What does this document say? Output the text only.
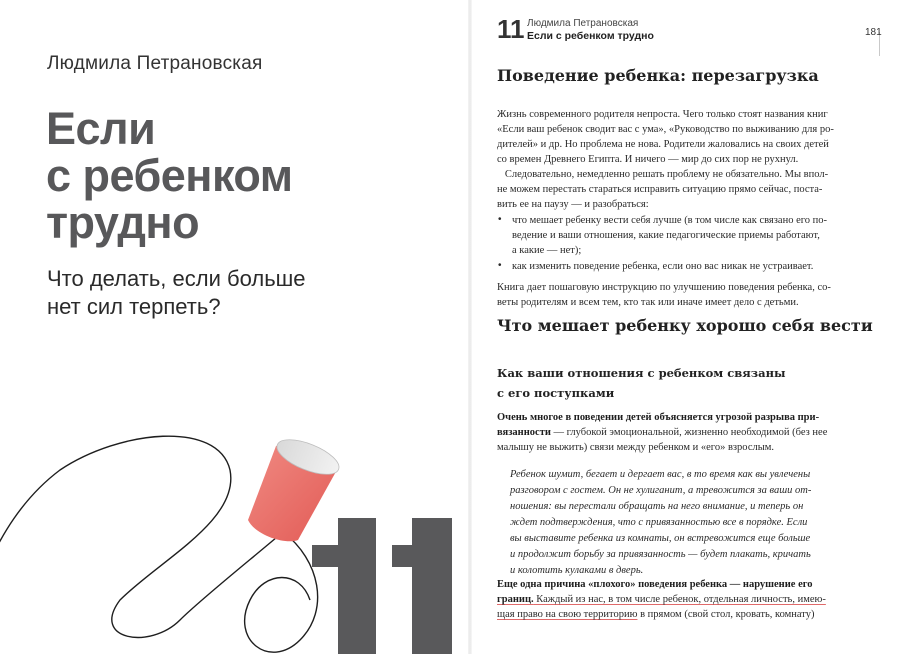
Людмила Петрановская
Если
с ребенком
трудно
Что делать, если больше
нет сил терпеть?
11 Людмила Петрановская
Если с ребенком трудно	181
Поведение ребенка: перезагрузка
Жизнь современного родителя непроста. Чего только стоят названия книг
«Если ваш ребенок сводит вас с ума», «Руководство по выживанию для ро-
дителей» и др. Но проблема не нова. Родители жаловались на своих детей
со времен Древнего Египта. И ничего — мир до сих пор не рухнул.
Следовательно, немедленно решать проблему не обязательно. Мы впол-
не можем перестать стараться исправить ситуацию прямо сейчас, поста-
вить ее на паузу — и разобраться:
• что мешает ребенку вести себя лучше (в том числе как связано его по-
ведение и ваши отношения, какие педагогические приемы работают,
а какие — нет);
• как изменить поведение ребенка, если оно вас никак не устраивает.
Книга дает пошаговую инструкцию по улучшению поведения ребенка, со-
веты родителям и всем тем, кто так или иначе имеет дело с детьми.
Что мешает ребенку хорошо себя вести
Как ваши отношения с ребенком связаны
с его поступками
Очень многое в поведении детей объясняется угрозой разрыва при-
вязанности — глубокой эмоциональной, жизненно необходимой (без нее
малышу не выжить) связи между ребенком и «его» взрослым.
Ребенок шумит, бегает и дергает вас, в то время как вы увлечены
разговором с гостем. Он не хулиганит, а тревожится за ваши от-
ношения: вы перестали обращать на него внимание, и теперь он
ждет подтверждения, что с привязанностью все в порядке. Если
вы выставите ребенка из комнаты, он встревожится еще больше
и продолжит борьбу за привязанность — будет плакать, кричать
и колотить кулаками в дверь.
Еще одна причина «плохого» поведения ребенка — нарушение его
границ. Каждый из нас, в том числе ребенок, отдельная личность, имею-
щая право на свою территорию в прямом (свой стол, кровать, комнату)
